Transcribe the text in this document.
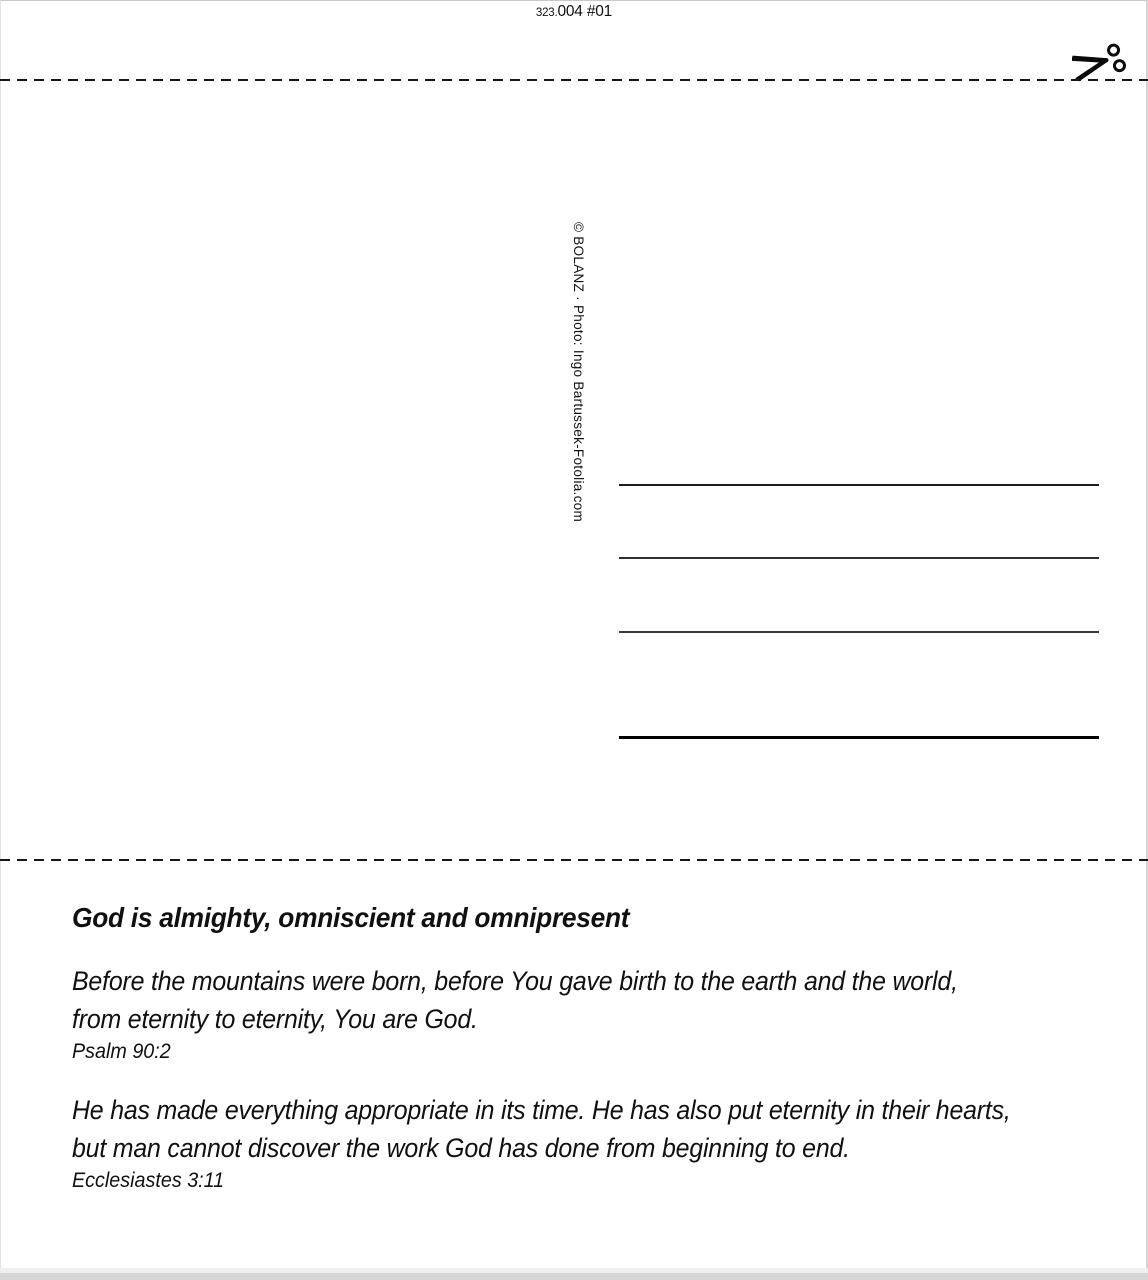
323.004 #01
© BOLANZ · Photo: Ingo Bartussek-Fotolia.com
God is almighty, omniscient and omnipresent
Before the mountains were born, before You gave birth to the earth and the world,
from eternity to eternity, You are God.
Psalm 90:2
He has made everything appropriate in its time. He has also put eternity in their hearts,
but man cannot discover the work God has done from beginning to end.
Ecclesiastes 3:11
